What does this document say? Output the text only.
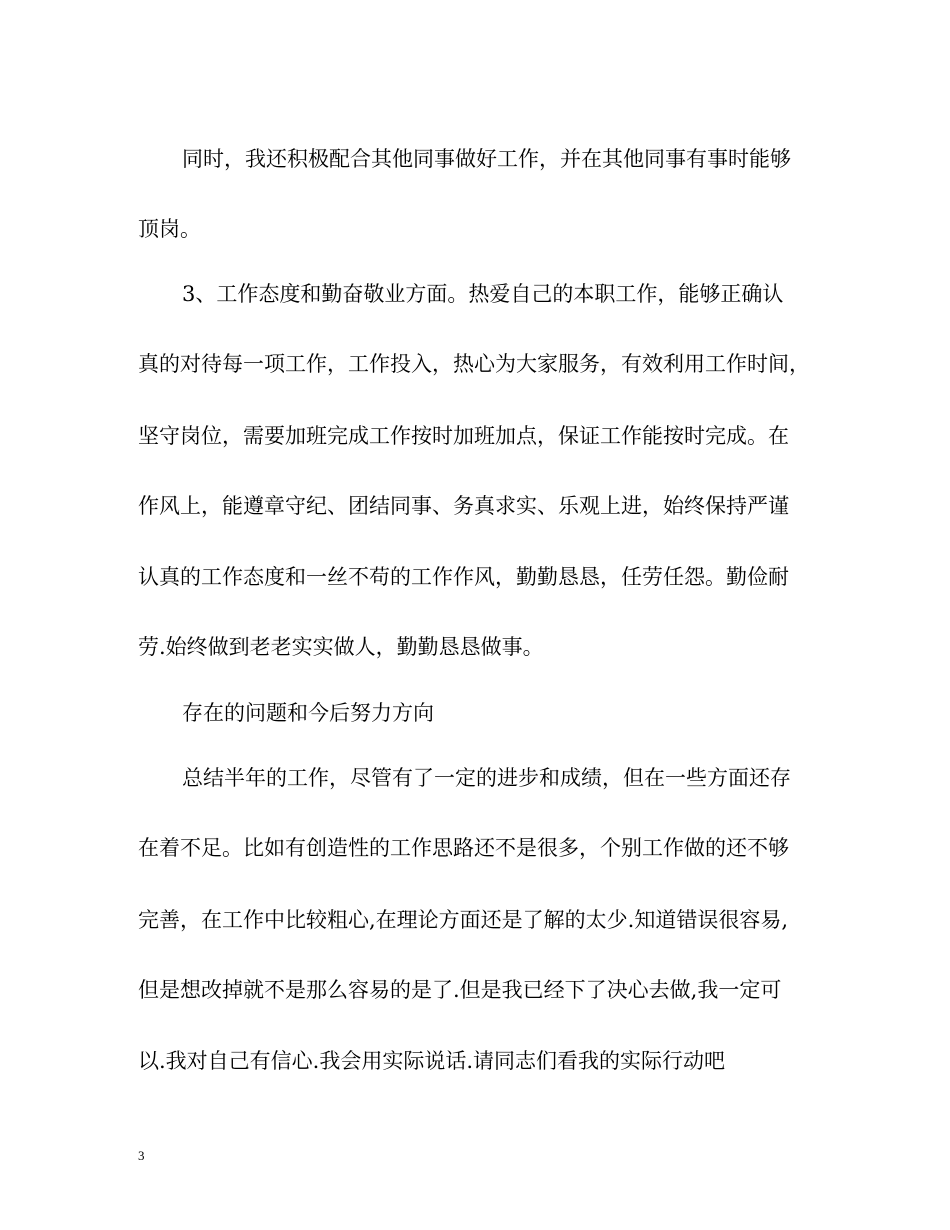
同时，我还积极配合其他同事做好工作，并在其他同事有事时能够
顶岗。
3、工作态度和勤奋敬业方面。热爱自己的本职工作，能够正确认
真的对待每一项工作，工作投入，热心为大家服务，有效利用工作时间，
坚守岗位，需要加班完成工作按时加班加点，保证工作能按时完成。在
作风上，能遵章守纪、团结同事、务真求实、乐观上进，始终保持严谨
认真的工作态度和一丝不苟的工作作风，勤勤恳恳，任劳任怨。勤俭耐
劳.始终做到老老实实做人，勤勤恳恳做事。
存在的问题和今后努力方向
总结半年的工作，尽管有了一定的进步和成绩，但在一些方面还存
在着不足。比如有创造性的工作思路还不是很多，个别工作做的还不够
完善，在工作中比较粗心,在理论方面还是了解的太少.知道错误很容易,
但是想改掉就不是那么容易的是了.但是我已经下了决心去做,我一定可
以.我对自己有信心.我会用实际说话.请同志们看我的实际行动吧
3
